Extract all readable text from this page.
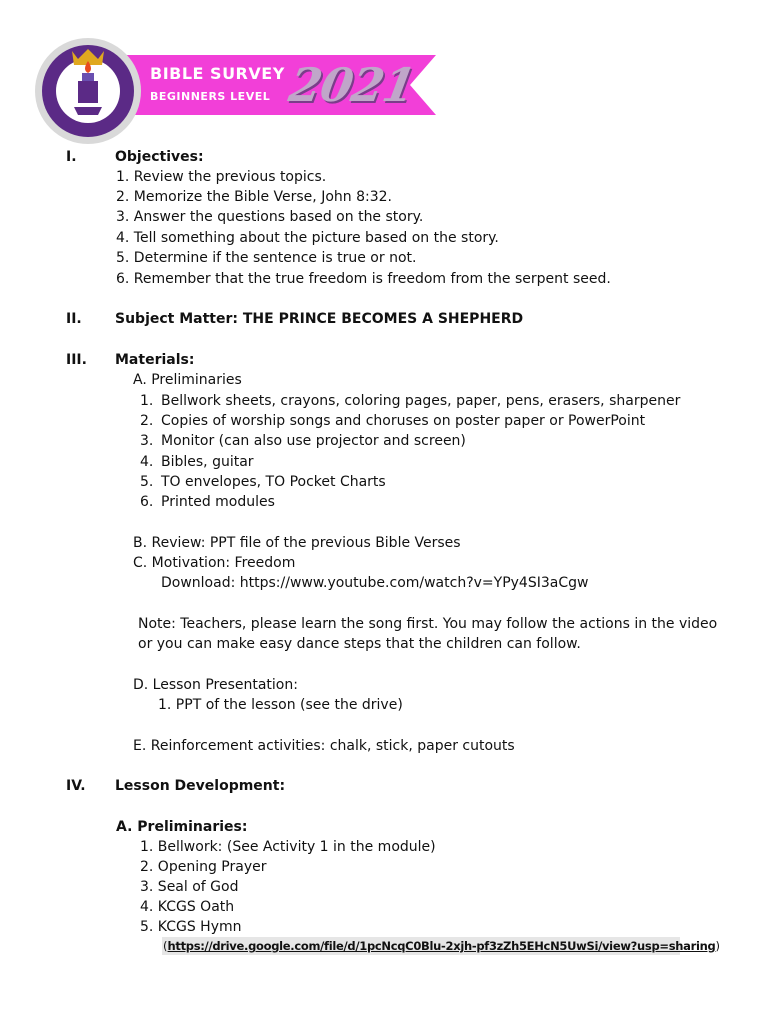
BIBLE SURVEY
BEGINNERS LEVEL 2021
I.	Objectives:
1. Review the previous topics.
2. Memorize the Bible Verse, John 8:32.
3. Answer the questions based on the story.
4. Tell something about the picture based on the story.
5. Determine if the sentence is true or not.
6. Remember that the true freedom is freedom from the serpent seed.
II. Subject Matter: THE PRINCE BECOMES A SHEPHERD
III. Materials:
A. Preliminaries
1. Bellwork sheets, crayons, coloring pages, paper, pens, erasers, sharpener
2. Copies of worship songs and choruses on poster paper or PowerPoint
3. Monitor (can also use projector and screen)
4. Bibles, guitar
5. TO envelopes, TO Pocket Charts
6. Printed modules
B. Review: PPT file of the previous Bible Verses
C. Motivation: Freedom
Download: https://www.youtube.com/watch?v=YPy4SI3aCgw
Note: Teachers, please learn the song first. You may follow the actions in the video
or you can make easy dance steps that the children can follow.
D. Lesson Presentation:
1. PPT of the lesson (see the drive)
E. Reinforcement activities: chalk, stick, paper cutouts
IV. Lesson Development:
A. Preliminaries:
1. Bellwork: (See Activity 1 in the module)
2. Opening Prayer
3. Seal of God
4. KCGS Oath
5. KCGS Hymn
(https://drive.google.com/file/d/1pcNcqC0Blu-2xjh-pf3zZh5EHcN5UwSi/view?usp=sharing)
